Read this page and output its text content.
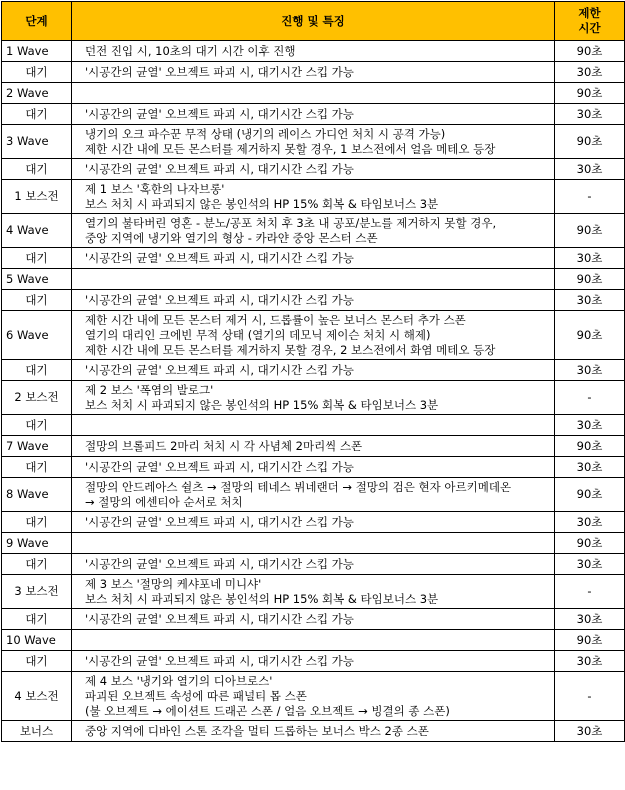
단계	진행 및 특징	제한
시간

1 Wave	던전 진입 시, 10초의 대기 시간 이후 진행	90초
대기	'시공간의 균열' 오브젝트 파괴 시, 대기시간 스킵 가능	30초
2 Wave		90초
대기	'시공간의 균열' 오브젝트 파괴 시, 대기시간 스킵 가능	30초
3 Wave	냉기의 오크 파수꾼 무적 상태 (냉기의 레이스 가디언 처치 시 공격 가능)
제한 시간 내에 모든 몬스터를 제거하지 못할 경우, 1 보스전에서 얼음 메테오 등장	90초
대기	'시공간의 균열' 오브젝트 파괴 시, 대기시간 스킵 가능	30초
1 보스전	제 1 보스 '혹한의 나자브롱'
보스 처치 시 파괴되지 않은 봉인석의 HP 15% 회복 & 타임보너스 3분	-
4 Wave	열기의 불타버린 영혼 - 분노/공포 처치 후 3초 내 공포/분노를 제거하지 못할 경우,
중앙 지역에 냉기와 열기의 형상 - 카라얀 중앙 몬스터 스폰	90초
대기	'시공간의 균열' 오브젝트 파괴 시, 대기시간 스킵 가능	30초
5 Wave		90초
대기	'시공간의 균열' 오브젝트 파괴 시, 대기시간 스킵 가능	30초
6 Wave	제한 시간 내에 모든 몬스터 제거 시, 드롭률이 높은 보너스 몬스터 추가 스폰
열기의 대리인 크에빈 무적 상태 (열기의 데모닉 제이슨 처치 시 해제)
제한 시간 내에 모든 몬스터를 제거하지 못할 경우, 2 보스전에서 화염 메테오 등장	90초
대기	'시공간의 균열' 오브젝트 파괴 시, 대기시간 스킵 가능	30초
2 보스전	제 2 보스 '폭염의 발로그'
보스 처치 시 파괴되지 않은 봉인석의 HP 15% 회복 & 타임보너스 3분	-
대기		30초
7 Wave	절망의 브롤피드 2마리 처치 시 각 사념체 2마리씩 스폰	90초
대기	'시공간의 균열' 오브젝트 파괴 시, 대기시간 스킵 가능	30초
8 Wave	절망의 안드레아스 쉴츠 → 절망의 테네스 뷔네랜더 → 절망의 검은 현자 아르키메데온
→ 절망의 에센티아 순서로 처치	90초
대기	'시공간의 균열' 오브젝트 파괴 시, 대기시간 스킵 가능	30초
9 Wave		90초
대기	'시공간의 균열' 오브젝트 파괴 시, 대기시간 스킵 가능	30초
3 보스전	제 3 보스 '절망의 케샤포네 미니샤'
보스 처치 시 파괴되지 않은 봉인석의 HP 15% 회복 & 타임보너스 3분	-
대기	'시공간의 균열' 오브젝트 파괴 시, 대기시간 스킵 가능	30초
10 Wave		90초
대기	'시공간의 균열' 오브젝트 파괴 시, 대기시간 스킵 가능	30초
4 보스전	제 4 보스 '냉기와 열기의 디아브로스'
파괴된 오브젝트 속성에 따른 패널티 몹 스폰
(불 오브젝트 → 에이션트 드래곤 스폰 / 얼음 오브젝트 → 빙결의 종 스폰)	-
보너스	중앙 지역에 디바인 스톤 조각을 멀티 드롭하는 보너스 박스 2종 스폰	30초
